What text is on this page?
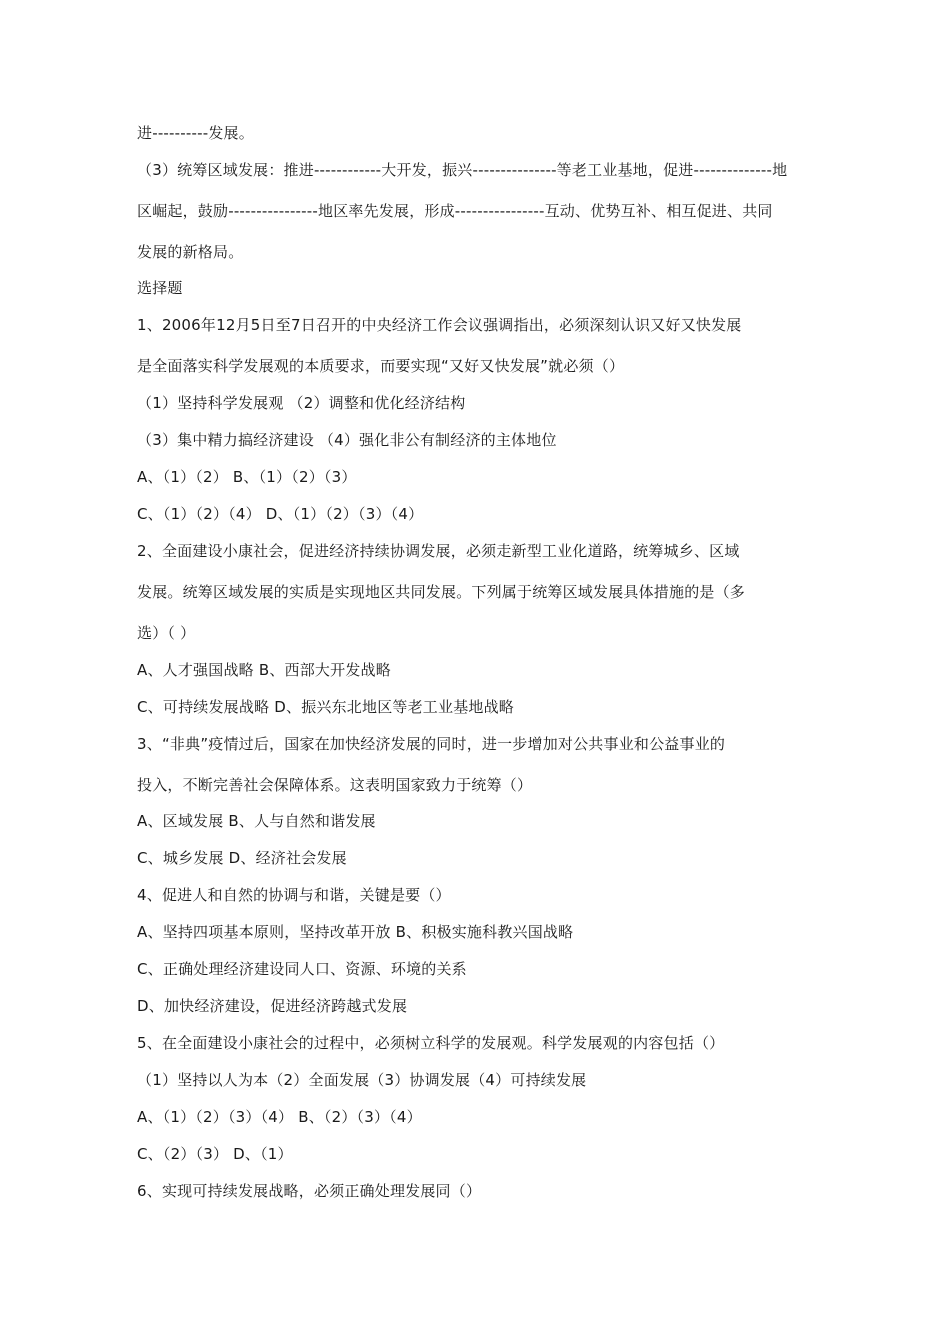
进----------发展。

（3）统筹区域发展：推进------------大开发，振兴---------------等老工业基地，促进--------------地

区崛起，鼓励----------------地区率先发展，形成----------------互动、优势互补、相互促进、共同

发展的新格局。

选择题

1、2006年12月5日至7日召开的中央经济工作会议强调指出，必须深刻认识又好又快发展

是全面落实科学发展观的本质要求，而要实现“又好又快发展”就必须（）

（1）坚持科学发展观 （2）调整和优化经济结构

（3）集中精力搞经济建设 （4）强化非公有制经济的主体地位

A、（1）（2） B、（1）（2）（3）

C、（1）（2）（4） D、（1）（2）（3）（4）

2、全面建设小康社会，促进经济持续协调发展，必须走新型工业化道路，统筹城乡、区域

发展。统筹区域发展的实质是实现地区共同发展。下列属于统筹区域发展具体措施的是（多

选）（ ）

A、人才强国战略 B、西部大开发战略

C、可持续发展战略 D、振兴东北地区等老工业基地战略

3、“非典”疫情过后，国家在加快经济发展的同时，进一步增加对公共事业和公益事业的

投入，不断完善社会保障体系。这表明国家致力于统筹（）

A、区域发展 B、人与自然和谐发展

C、城乡发展 D、经济社会发展

4、促进人和自然的协调与和谐，关键是要（）

A、坚持四项基本原则，坚持改革开放 B、积极实施科教兴国战略

C、正确处理经济建设同人口、资源、环境的关系

D、加快经济建设，促进经济跨越式发展

5、在全面建设小康社会的过程中，必须树立科学的发展观。科学发展观的内容包括（）

（1）坚持以人为本（2）全面发展（3）协调发展（4）可持续发展

A、（1）（2）（3）（4） B、（2）（3）（4）

C、（2）（3） D、（1）

6、实现可持续发展战略，必须正确处理发展同（）
